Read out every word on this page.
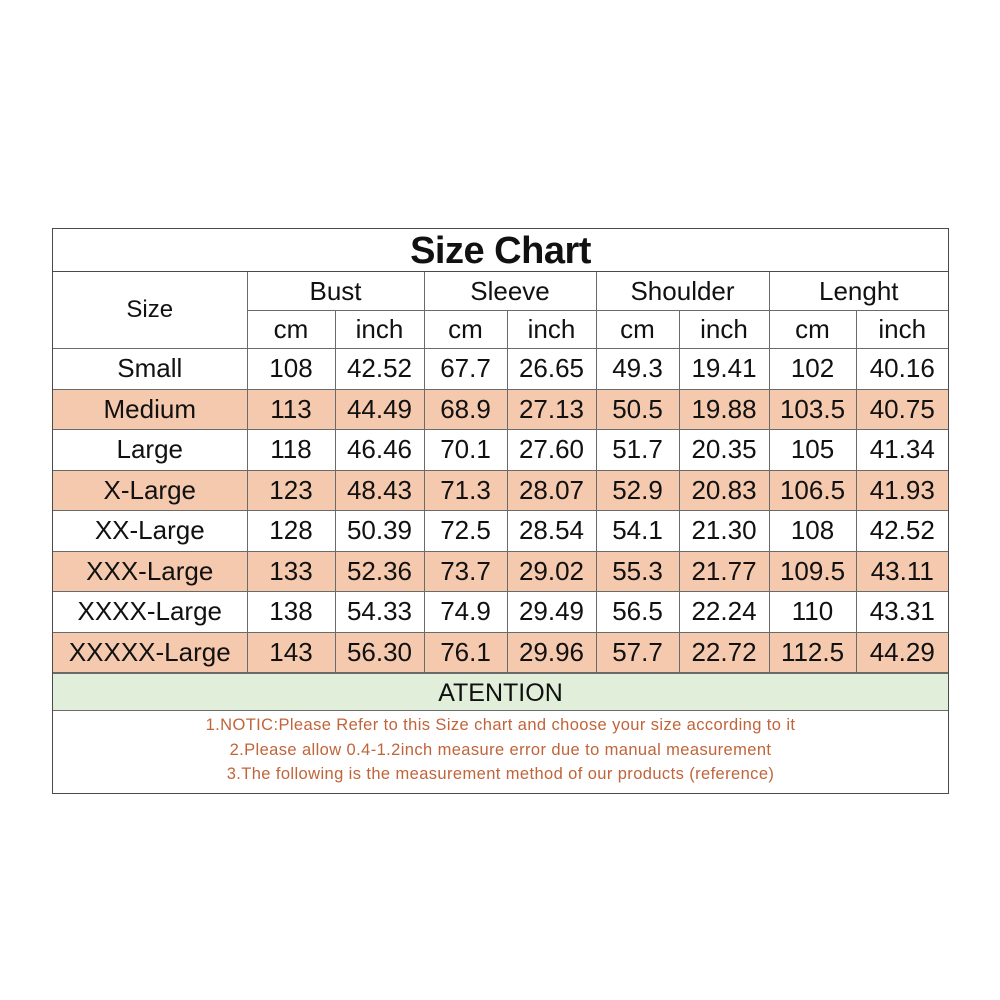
Size Chart
Size	Bust		Sleeve		Shoulder		Lenght	
	cm	inch	cm	inch	cm	inch	cm	inch
Small	108	42.52	67.7	26.65	49.3	19.41	102	40.16
Medium	113	44.49	68.9	27.13	50.5	19.88	103.5	40.75
Large	118	46.46	70.1	27.60	51.7	20.35	105	41.34
X-Large	123	48.43	71.3	28.07	52.9	20.83	106.5	41.93
XX-Large	128	50.39	72.5	28.54	54.1	21.30	108	42.52
XXX-Large	133	52.36	73.7	29.02	55.3	21.77	109.5	43.11
XXXX-Large	138	54.33	74.9	29.49	56.5	22.24	110	43.31
XXXXX-Large	143	56.30	76.1	29.96	57.7	22.72	112.5	44.29
ATENTION
1.NOTIC:Please Refer to this Size chart and choose your size according to it
2.Please allow 0.4-1.2inch measure error due to manual measurement
3.The following is the measurement method of our products (reference)
